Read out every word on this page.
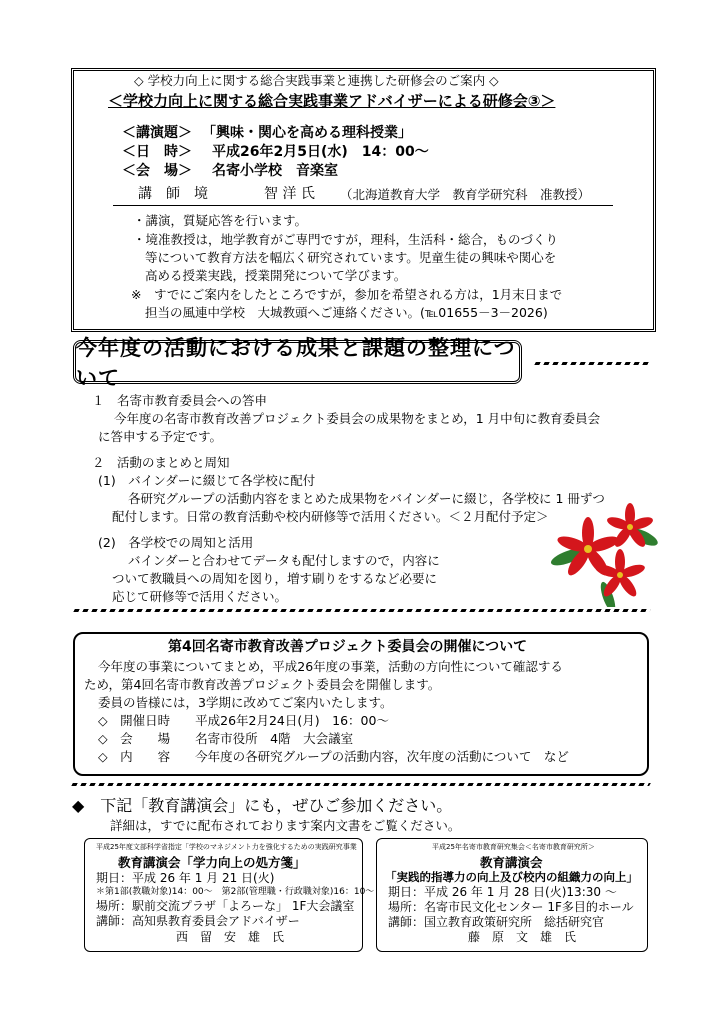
◇ 学校力向上に関する総合実践事業と連携した研修会のご案内 ◇
＜学校力向上に関する総合実践事業アドバイザーによる研修会③＞
＜講演題＞ 「興味・関心を高める理科授業」
＜日　時＞ 平成26年2月5日(水)　14：00～
＜会　場＞ 名寄小学校　音楽室
講　師　境　　　　智 洋 氏 （北海道教育大学　教育学研究科　准教授）
・講演，質疑応答を行います。
・境准教授は，地学教育がご専門ですが，理科，生活科・総合，ものづくり
等について教育方法を幅広く研究されています。児童生徒の興味や関心を
高める授業実践，授業開発について学びます。
※　すでにご案内をしたところですが，参加を希望される方は，1月末日まで
担当の風連中学校　大城教頭へご連絡ください。(℡01655－3－2026)
今年度の活動における成果と課題の整理について
１　名寄市教育委員会への答申
今年度の名寄市教育改善プロジェクト委員会の成果物をまとめ，1 月中旬に教育委員会
に答申する予定です。
２　活動のまとめと周知
(1)　バインダーに綴じて各学校に配付
各研究グループの活動内容をまとめた成果物をバインダーに綴じ，各学校に 1 冊ずつ
配付します。日常の教育活動や校内研修等で活用ください。＜２月配付予定＞
(2)　各学校での周知と活用
バインダーと合わせてデータも配付しますので，内容に
ついて教職員への周知を図り，増す刷りをするなど必要に
応じて研修等で活用ください。
第4回名寄市教育改善プロジェクト委員会の開催について
今年度の事業についてまとめ，平成26年度の事業，活動の方向性について確認する
ため，第4回名寄市教育改善プロジェクト委員会を開催します。
委員の皆様には，3学期に改めてご案内いたします。
◇　開催日時　　平成26年2月24日(月)　16：00～
◇　会　　場　　名寄市役所　4階　大会議室
◇　内　　容　　今年度の各研究グループの活動内容，次年度の活動について　など
◆　下記「教育講演会」にも，ぜひご参加ください。
詳細は，すでに配布されております案内文書をご覧ください。
平成25年度文部科学省指定「学校のマネジメント力を強化するための実践研究事業
教育講演会「学力向上の処方箋」
期日：平成 26 年 1 月 21 日(火)
＊第1部(教職対象)14：00～　第2部(管理職・行政職対象)16：10～
場所：駅前交流プラザ「よろーな」 1F大会議室
講師：高知県教育委員会アドバイザー
西　留　安　雄　氏
平成25年名寄市教育研究集会＜名寄市教育研究所＞
教育講演会
「実践的指導力の向上及び校内の組織力の向上」
期日：平成 26 年 1 月 28 日(火)13:30 ～
場所：名寄市民文化センター 1F多目的ホール
講師：国立教育政策研究所　総括研究官
藤　原　文　雄　氏
